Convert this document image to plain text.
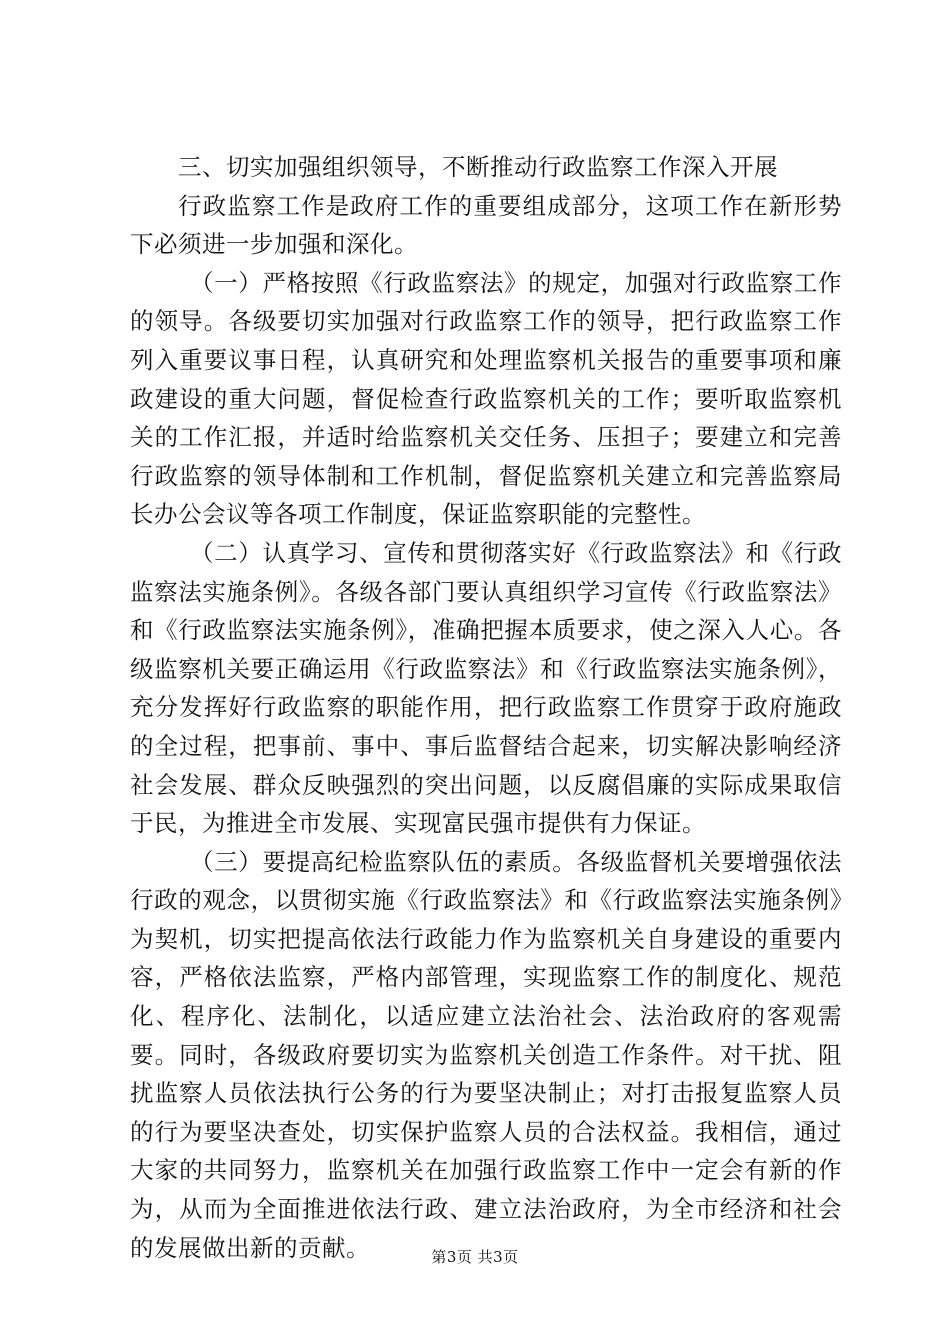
三、切实加强组织领导，不断推动行政监察工作深入开展

行政监察工作是政府工作的重要组成部分，这项工作在新形势下必须进一步加强和深化。

（一）严格按照《行政监察法》的规定，加强对行政监察工作的领导。各级要切实加强对行政监察工作的领导，把行政监察工作列入重要议事日程，认真研究和处理监察机关报告的重要事项和廉政建设的重大问题，督促检查行政监察机关的工作；要听取监察机关的工作汇报，并适时给监察机关交任务、压担子；要建立和完善行政监察的领导体制和工作机制，督促监察机关建立和完善监察局长办公会议等各项工作制度，保证监察职能的完整性。

（二）认真学习、宣传和贯彻落实好《行政监察法》和《行政监察法实施条例》。各级各部门要认真组织学习宣传《行政监察法》和《行政监察法实施条例》，准确把握本质要求，使之深入人心。各级监察机关要正确运用《行政监察法》和《行政监察法实施条例》，充分发挥好行政监察的职能作用，把行政监察工作贯穿于政府施政的全过程，把事前、事中、事后监督结合起来，切实解决影响经济社会发展、群众反映强烈的突出问题，以反腐倡廉的实际成果取信于民，为推进全市发展、实现富民强市提供有力保证。

（三）要提高纪检监察队伍的素质。各级监督机关要增强依法行政的观念，以贯彻实施《行政监察法》和《行政监察法实施条例》为契机，切实把提高依法行政能力作为监察机关自身建设的重要内容，严格依法监察，严格内部管理，实现监察工作的制度化、规范化、程序化、法制化，以适应建立法治社会、法治政府的客观需要。同时，各级政府要切实为监察机关创造工作条件。对干扰、阻扰监察人员依法执行公务的行为要坚决制止；对打击报复监察人员的行为要坚决查处，切实保护监察人员的合法权益。我相信，通过大家的共同努力，监察机关在加强行政监察工作中一定会有新的作为，从而为全面推进依法行政、建立法治政府，为全市经济和社会的发展做出新的贡献。	第3页 共3页
